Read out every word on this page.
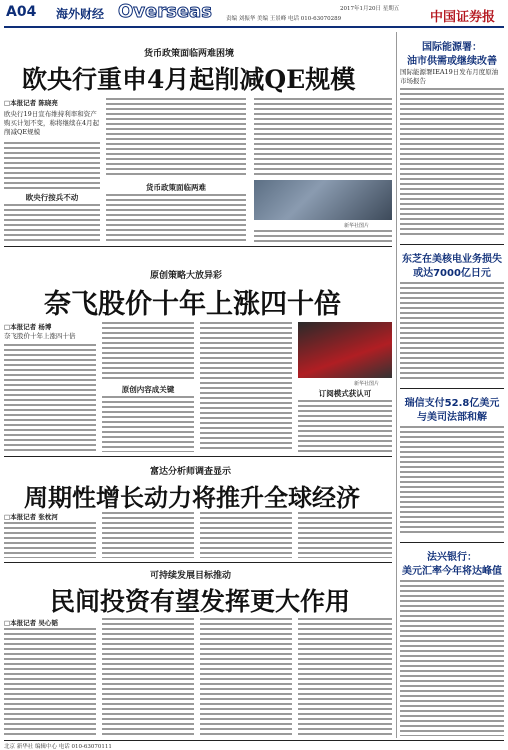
A04 海外财经 Overseas	2017年1月20日 星期五
责编 刘振华 美编 王景峰 电话 010-63070289	中国证券报
货币政策面临两难困境
欧央行重申4月起削减QE规模
□本报记者 陈晓亮
欧央行19日宣布维持利率和资产购买计划不变，称将继续在4月起削减QE规模
欧央行按兵不动
货币政策面临两难
新华社图片
原创策略大放异彩
奈飞股价十年上涨四十倍
□本报记者 杨博
奈飞股价十年上涨四十倍
原创内容成关键
新华社图片
订阅模式获认可
富达分析师调查显示
周期性增长动力将推升全球经济
□本报记者 张枕河
可持续发展目标推动
民间投资有望发挥更大作用
□本报记者 吴心韬
国际能源署：
油市供需或继续改善
国际能源署IEA19日发布月度原油市场报告
东芝在美核电业务损失
或达7000亿日元
瑞信支付52.8亿美元
与美司法部和解
法兴银行：
美元汇率今年将达峰值
北京 新华社 编辑中心 电话 010-63070111
